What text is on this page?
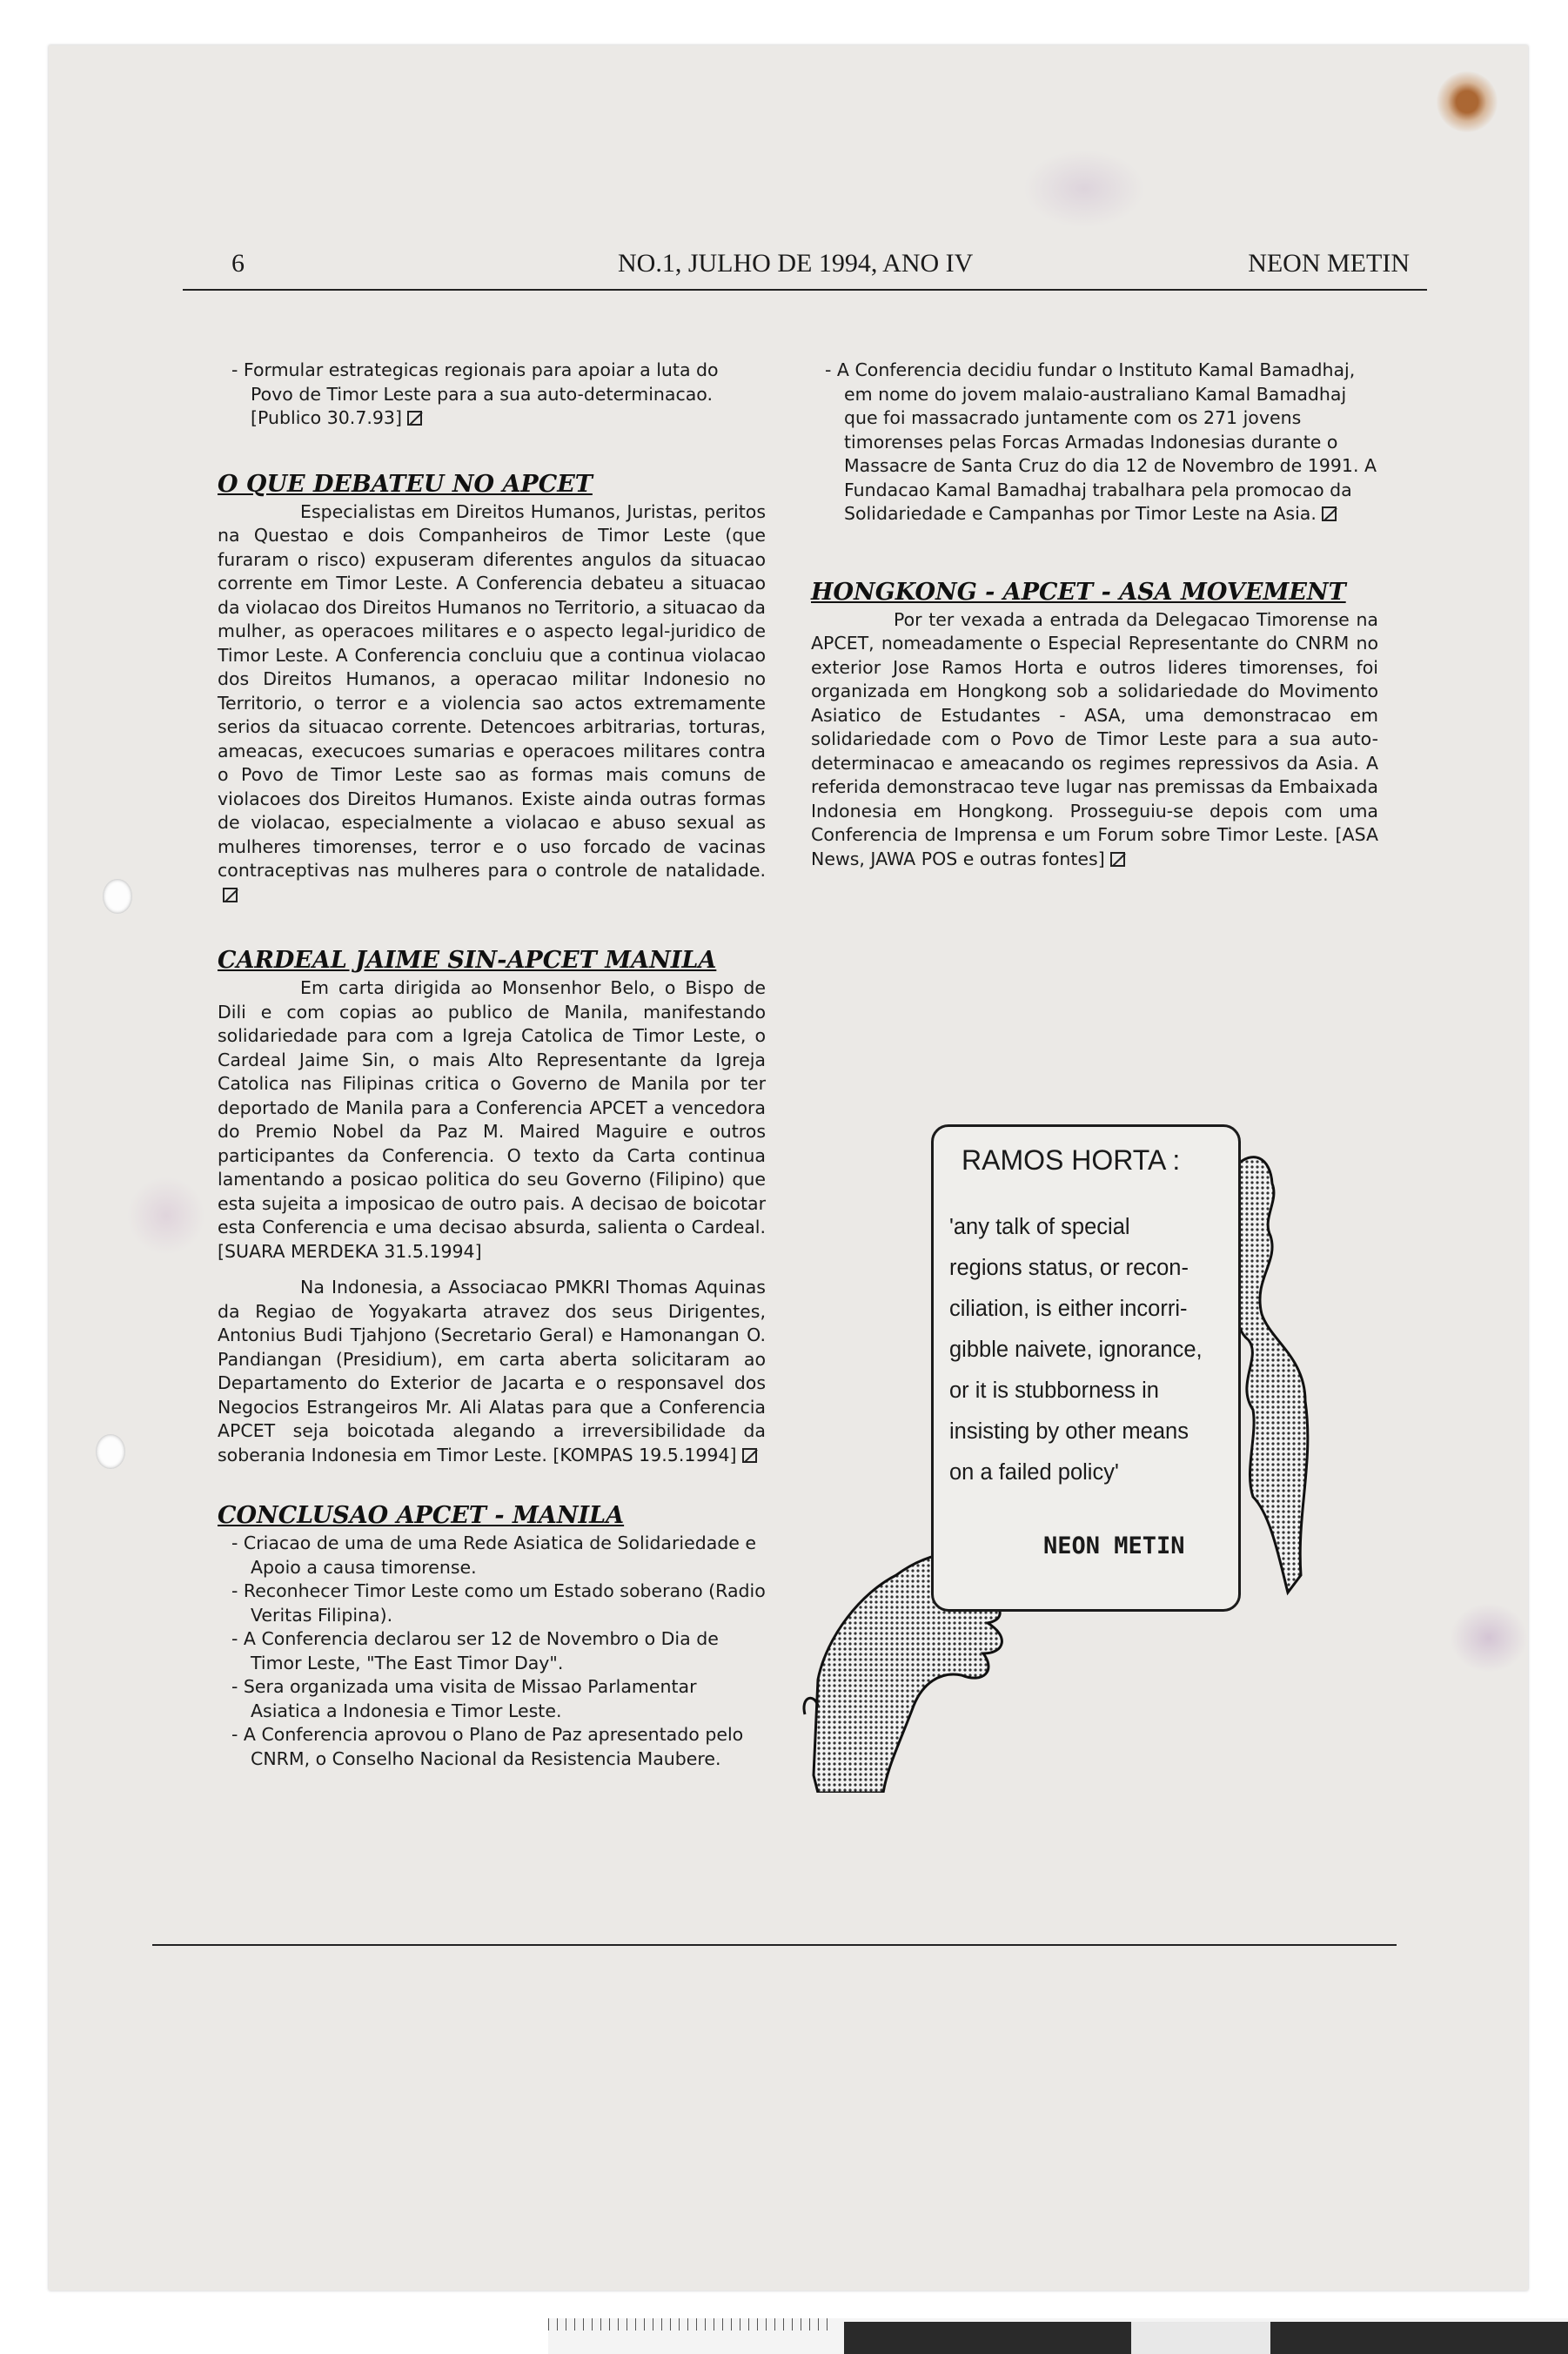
6	NO.1, JULHO DE 1994, ANO IV	NEON METIN
- Formular estrategicas regionais para apoiar a luta do Povo de Timor Leste para a sua auto-determinacao. [Publico 30.7.93]
O QUE DEBATEU NO APCET

Especialistas em Direitos Humanos, Juristas, peritos na Questao e dois Companheiros de Timor Leste (que furaram o risco) expuseram diferentes angulos da situacao corrente em Timor Leste. A Conferencia debateu a situacao da violacao dos Direitos Humanos no Territorio, a situacao da mulher, as operacoes militares e o aspecto legal-juridico de Timor Leste. A Conferencia concluiu que a continua violacao dos Direitos Humanos, a operacao militar Indonesio no Territorio, o terror e a violencia sao actos extremamente serios da situacao corrente. Detencoes arbitrarias, torturas, ameacas, execucoes sumarias e operacoes militares contra o Povo de Timor Leste sao as formas mais comuns de violacoes dos Direitos Humanos. Existe ainda outras formas de violacao, especialmente a violacao e abuso sexual as mulheres timorenses, terror e o uso forcado de vacinas contraceptivas nas mulheres para o controle de natalidade.

CARDEAL JAIME SIN-APCET MANILA

Em carta dirigida ao Monsenhor Belo, o Bispo de Dili e com copias ao publico de Manila, manifestando solidariedade para com a Igreja Catolica de Timor Leste, o Cardeal Jaime Sin, o mais Alto Representante da Igreja Catolica nas Filipinas critica o Governo de Manila por ter deportado de Manila para a Conferencia APCET a vencedora do Premio Nobel da Paz M. Maired Maguire e outros participantes da Conferencia. O texto da Carta continua lamentando a posicao politica do seu Governo (Filipino) que esta sujeita a imposicao de outro pais. A decisao de boicotar esta Conferencia e uma decisao absurda, salienta o Cardeal. [SUARA MERDEKA 31.5.1994]

Na Indonesia, a Associacao PMKRI Thomas Aquinas da Regiao de Yogyakarta atravez dos seus Dirigentes, Antonius Budi Tjahjono (Secretario Geral) e Hamonangan O. Pandiangan (Presidium), em carta aberta solicitaram ao Departamento do Exterior de Jacarta e o responsavel dos Negocios Estrangeiros Mr. Ali Alatas para que a Conferencia APCET seja boicotada alegando a irreversibilidade da soberania Indonesia em Timor Leste. [KOMPAS 19.5.1994]

CONCLUSAO APCET - MANILA
- Criacao de uma de uma Rede Asiatica de Solidariedade e Apoio a causa timorense.
- Reconhecer Timor Leste como um Estado soberano (Radio Veritas Filipina).
- A Conferencia declarou ser 12 de Novembro o Dia de Timor Leste, "The East Timor Day".
- Sera organizada uma visita de Missao Parlamentar Asiatica a Indonesia e Timor Leste.
- A Conferencia aprovou o Plano de Paz apresentado pelo CNRM, o Conselho Nacional da Resistencia Maubere.
- A Conferencia decidiu fundar o Instituto Kamal Bamadhaj, em nome do jovem malaio-australiano Kamal Bamadhaj que foi massacrado juntamente com os 271 jovens timorenses pelas Forcas Armadas Indonesias durante o Massacre de Santa Cruz do dia 12 de Novembro de 1991. A Fundacao Kamal Bamadhaj trabalhara pela promocao da Solidariedade e Campanhas por Timor Leste na Asia.
HONGKONG - APCET - ASA MOVEMENT

Por ter vexada a entrada da Delegacao Timorense na APCET, nomeadamente o Especial Representante do CNRM no exterior Jose Ramos Horta e outros lideres timorenses, foi organizada em Hongkong sob a solidariedade do Movimento Asiatico de Estudantes - ASA, uma demonstracao em solidariedade com o Povo de Timor Leste para a sua auto-determinacao e ameacando os regimes repressivos da Asia. A referida demonstracao teve lugar nas premissas da Embaixada Indonesia em Hongkong. Prosseguiu-se depois com uma Conferencia de Imprensa e um Forum sobre Timor Leste. [ASA News, JAWA POS e outras fontes]

RAMOS HORTA :
'any talk of special
regions status, or recon-
ciliation, is either incorri-
gibble naivete, ignorance,
or it is stubborness in
insisting by other means
on a failed policy'
NEON METIN
